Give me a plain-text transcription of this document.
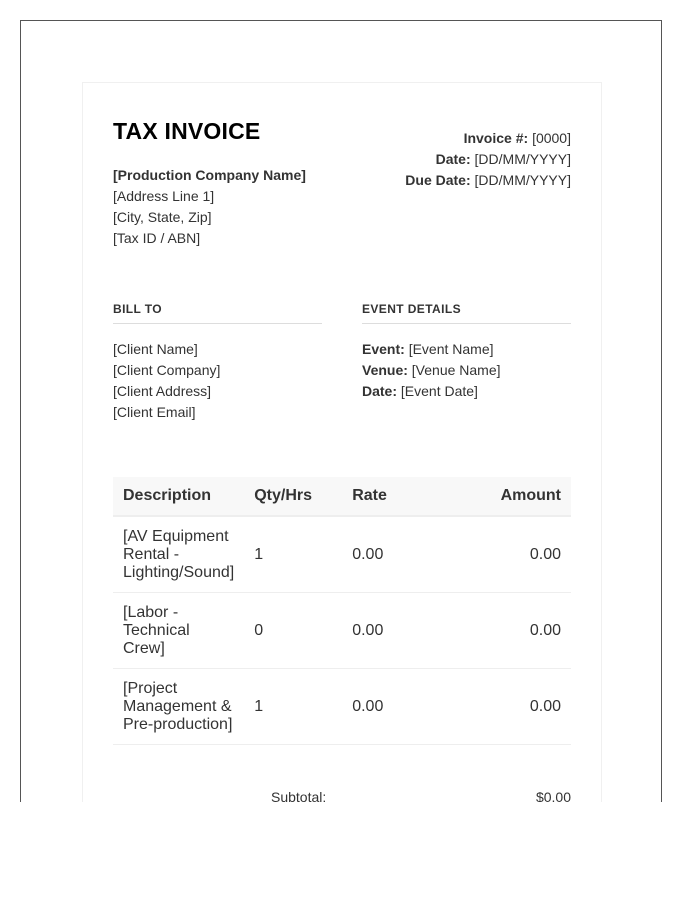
TAX INVOICE
[Production Company Name]
[Address Line 1]
[City, State, Zip]
[Tax ID / ABN]
Invoice #: [0000]
Date: [DD/MM/YYYY]
Due Date: [DD/MM/YYYY]
BILL TO
[Client Name]
[Client Company]
[Client Address]
[Client Email]
EVENT DETAILS
Event: [Event Name]
Venue: [Venue Name]
Date: [Event Date]
Description	Qty/Hrs	Rate	Amount
[AV Equipment Rental - Lighting/Sound]	1	0.00	0.00
[Labor - Technical Crew]	0	0.00	0.00
[Project Management & Pre-production]	1	0.00	0.00
Subtotal:	$0.00
